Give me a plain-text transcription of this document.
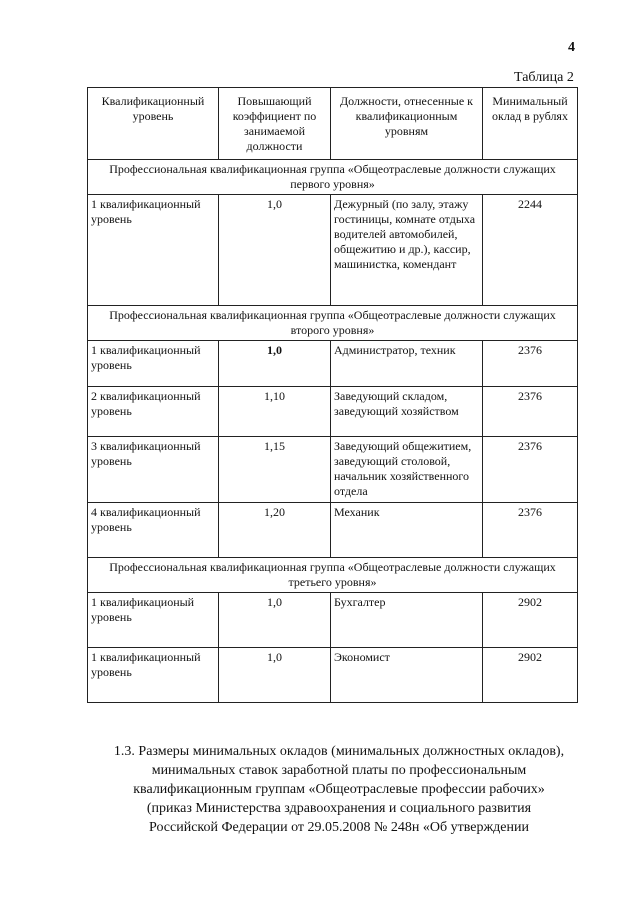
4
Таблица 2
Квалификационный уровень	Повышающий коэффициент по занимаемой должности	Должности, отнесенные к квалификационным уровням	Минимальный оклад в рублях
Профессиональная квалификационная группа «Общеотраслевые должности служащих первого уровня»			
1 квалификационный уровень	1,0	Дежурный (по залу, этажу гостиницы, комнате отдыха водителей автомобилей, общежитию и др.), кассир, машинистка, комендант	2244
Профессиональная квалификационная группа «Общеотраслевые должности служащих второго уровня»			
1 квалификационный уровень	1,0	Администратор, техник	2376
2 квалификационный уровень	1,10	Заведующий складом, заведующий хозяйством	2376
3 квалификационный уровень	1,15	Заведующий общежитием, заведующий столовой, начальник хозяйственного отдела	2376
4 квалификационный уровень	1,20	Механик	2376
Профессиональная квалификационная группа «Общеотраслевые должности служащих третьего уровня»			
1 квалификационый уровень	1,0	Бухгалтер	2902
1 квалификационный уровень	1,0	Экономист	2902
1.3. Размеры минимальных окладов (минимальных должностных окладов),
минимальных ставок заработной платы по профессиональным
квалификационным группам «Общеотраслевые профессии рабочих»
(приказ Министерства здравоохранения и социального развития
Российской Федерации от 29.05.2008 № 248н «Об утверждении
